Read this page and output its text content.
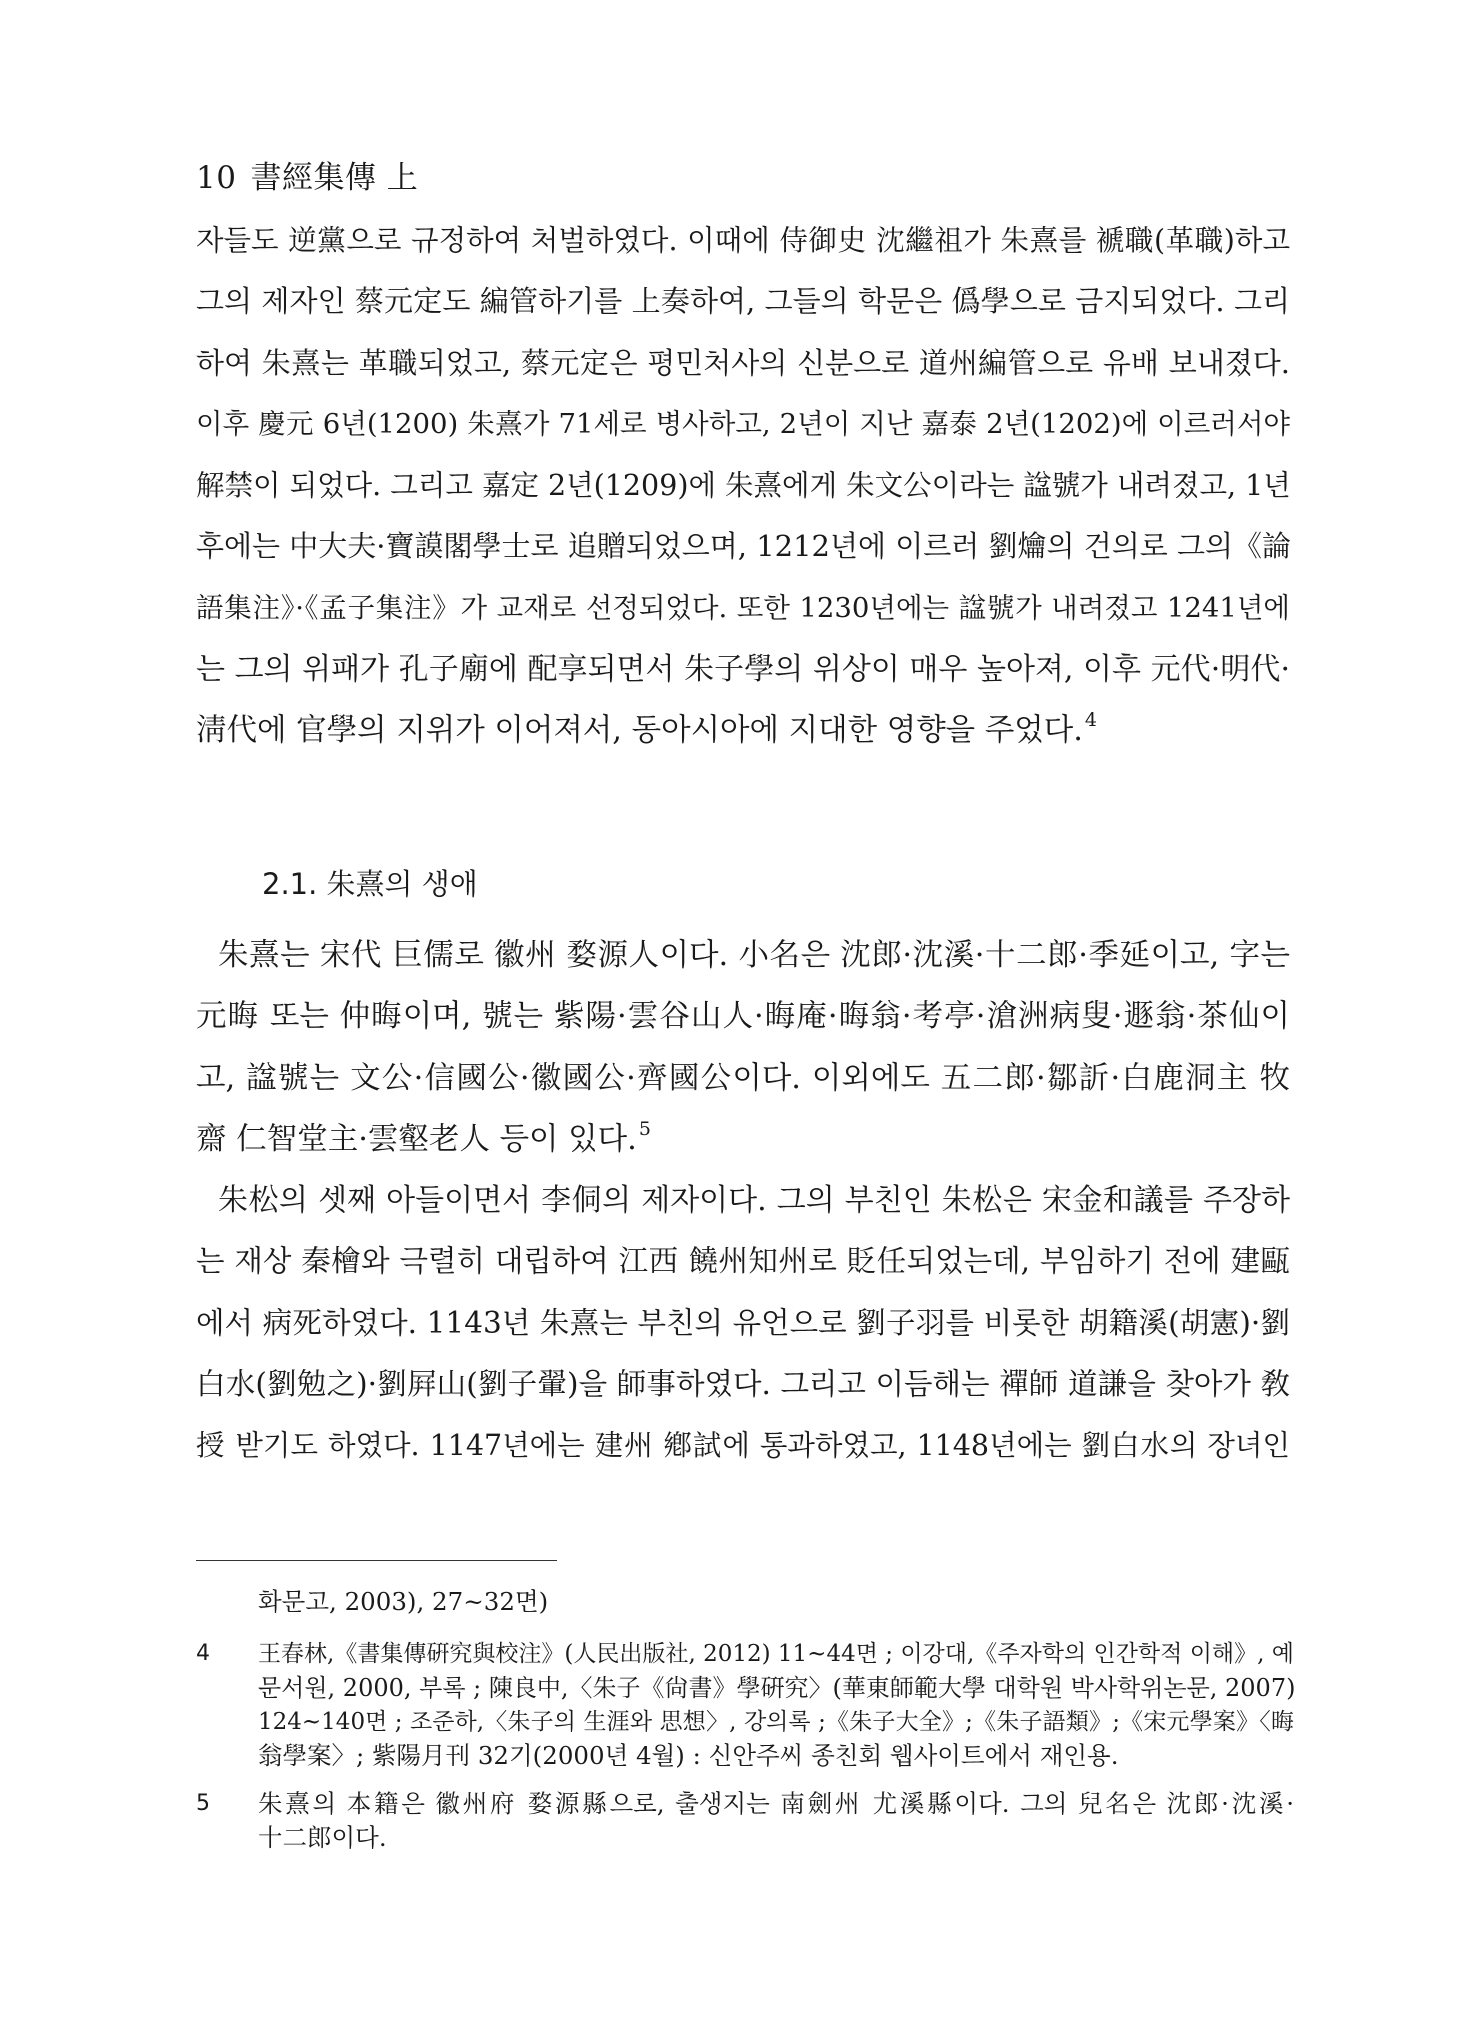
10 書經集傳 上
자들도 逆黨으로 규정하여 처벌하였다. 이때에 侍御史 沈繼祖가 朱熹를 褫職(革職)하고
그의 제자인 蔡元定도 編管하기를 上奏하여, 그들의 학문은 僞學으로 금지되었다. 그리
하여 朱熹는 革職되었고, 蔡元定은 평민처사의 신분으로 道州編管으로 유배 보내졌다.
이후 慶元 6년(1200) 朱熹가 71세로 병사하고, 2년이 지난 嘉泰 2년(1202)에 이르러서야
解禁이 되었다. 그리고 嘉定 2년(1209)에 朱熹에게 朱文公이라는 諡號가 내려졌고, 1년
후에는 中大夫·寶謨閣學士로 追贈되었으며, 1212년에 이르러 劉爚의 건의로 그의《論
語集注》·《孟子集注》가 교재로 선정되었다. 또한 1230년에는 諡號가 내려졌고 1241년에
는 그의 위패가 孔子廟에 配享되면서 朱子學의 위상이 매우 높아져, 이후 元代·明代·
淸代에 官學의 지위가 이어져서, 동아시아에 지대한 영향을 주었다. $^4$
2.1. 朱熹의 생애
朱熹는 宋代 巨儒로 徽州 婺源人이다. 小名은 沈郎·沈溪·十二郎·季延이고, 字는
元晦 또는 仲晦이며, 號는 紫陽·雲谷山人·晦庵·晦翁·考亭·滄洲病叟·遯翁·茶仙이
고, 諡號는 文公·信國公·徽國公·齊國公이다. 이외에도 五二郎·鄒訢·白鹿洞主 牧
齋 仁智堂主·雲壑老人 등이 있다. $^5$
朱松의 셋째 아들이면서 李侗의 제자이다. 그의 부친인 朱松은 宋金和議를 주장하
는 재상 秦檜와 극렬히 대립하여 江西 饒州知州로 貶任되었는데, 부임하기 전에 建甌
에서 病死하였다. 1143년 朱熹는 부친의 유언으로 劉子羽를 비롯한 胡籍溪(胡憲)·劉
白水(劉勉之)·劉屛山(劉子翬)을 師事하였다. 그리고 이듬해는 禪師 道謙을 찾아가 敎
授 받기도 하였다. 1147년에는 建州 鄕試에 통과하였고, 1148년에는 劉白水의 장녀인
화문고, 2003), 27~32면)
4 王春林,《書集傳硏究與校注》(人民出版社, 2012) 11~44면 ; 이강대,《주자학의 인간학적 이해》, 예
문서원, 2000, 부록 ; 陳良中,〈朱子《尙書》學硏究〉(華東師範大學 대학원 박사학위논문, 2007)
124~140면 ; 조준하,〈朱子의 生涯와 思想〉, 강의록 ;《朱子大全》;《朱子語類》;《宋元學案》〈晦
翁學案〉; 紫陽月刊 32기(2000년 4월) : 신안주씨 종친회 웹사이트에서 재인용.
5 朱熹의 本籍은 徽州府 婺源縣으로, 출생지는 南劍州 尤溪縣이다. 그의 兒名은 沈郎·沈溪·
十二郎이다.
